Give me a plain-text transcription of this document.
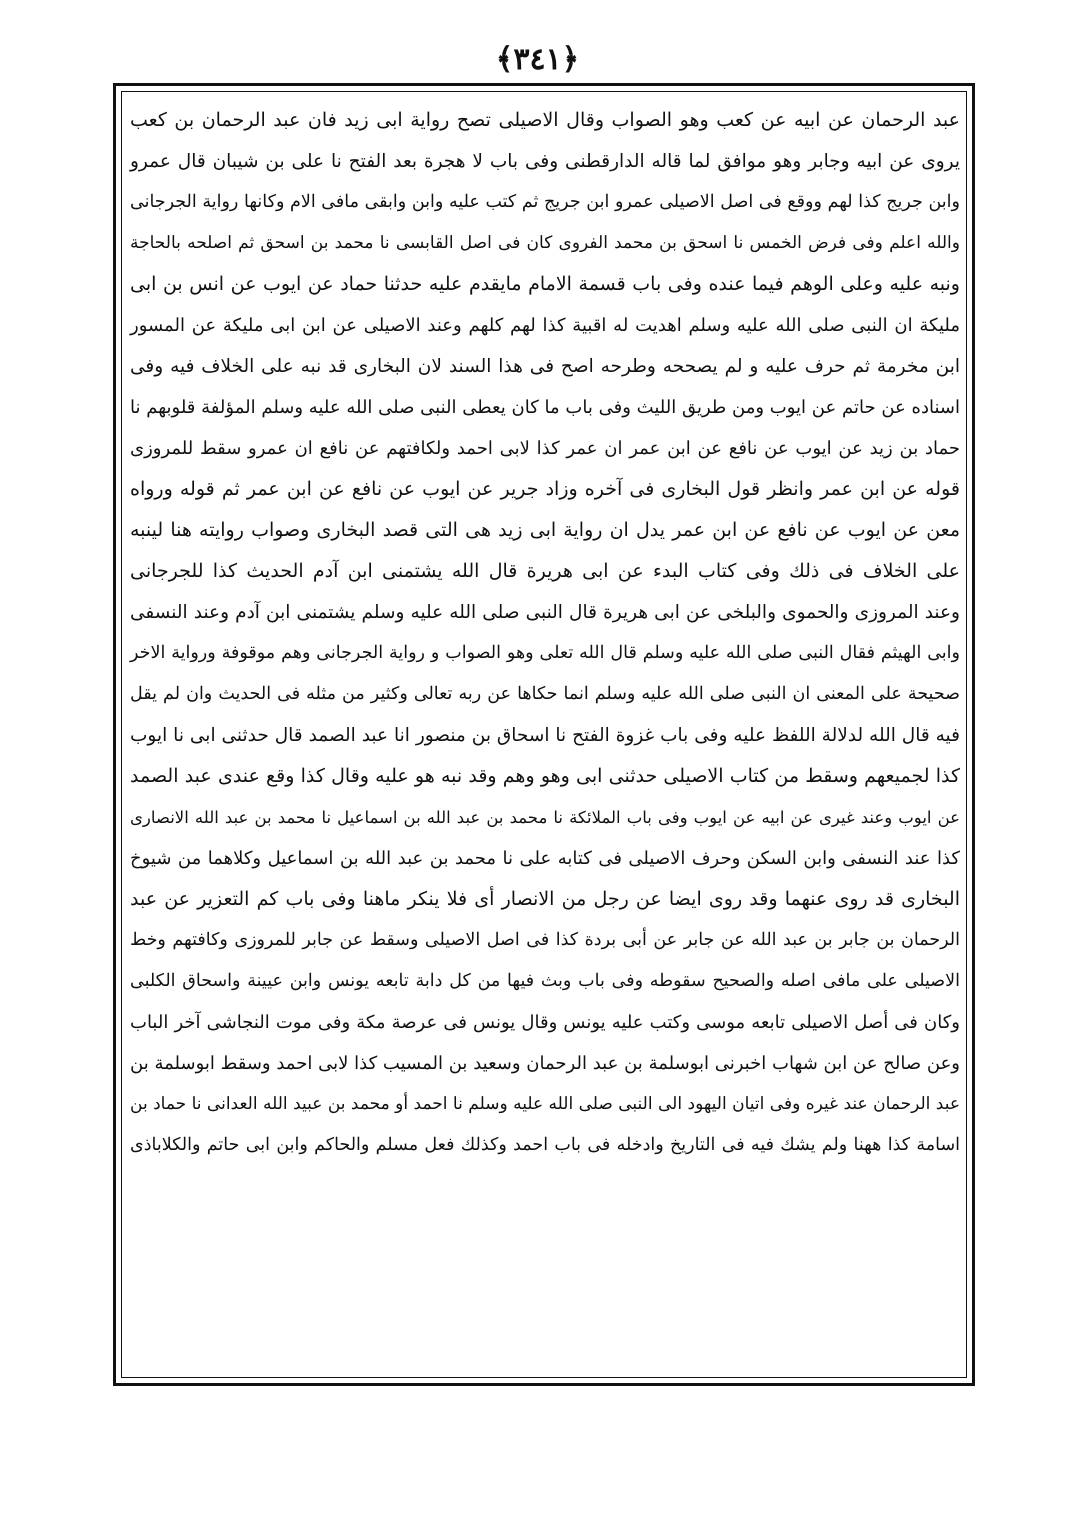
﴿٣٤١﴾
عبد الرحمان عن ابيه عن كعب وهو الصواب وقال الاصيلى تصح رواية ابى زيد فان عبد الرحمان بن كعب
يروى عن ابيه وجابر وهو موافق لما قاله الدارقطنى وفى باب لا هجرة بعد الفتح نا على بن شيبان قال عمرو
وابن جريج كذا لهم ووقع فى اصل الاصيلى عمرو ابن جريج ثم كتب عليه وابن وابقى مافى الام وكانها رواية الجرجانى
والله اعلم وفى فرض الخمس نا اسحق بن محمد الفروى كان فى اصل القابسى نا محمد بن اسحق ثم اصلحه بالحاجة
ونبه عليه وعلى الوهم فيما عنده وفى باب قسمة الامام مايقدم عليه حدثنا حماد عن ايوب عن انس بن ابى
مليكة ان النبى صلى الله عليه وسلم اهديت له اقبية كذا لهم كلهم وعند الاصيلى عن ابن ابى مليكة عن المسور
ابن مخرمة ثم حرف عليه و لم يصححه وطرحه اصح فى هذا السند لان البخارى قد نبه على الخلاف فيه وفى
اسناده عن حاتم عن ايوب ومن طريق الليث وفى باب ما كان يعطى النبى صلى الله عليه وسلم المؤلفة قلوبهم نا
حماد بن زيد عن ايوب عن نافع عن ابن عمر ان عمر كذا لابى احمد ولكافتهم عن نافع ان عمرو سقط للمروزى
قوله عن ابن عمر وانظر قول البخارى فى آخره وزاد جرير عن ايوب عن نافع عن ابن عمر ثم قوله ورواه
معن عن ايوب عن نافع عن ابن عمر يدل ان رواية ابى زيد هى التى قصد البخارى وصواب روايته هنا لينبه
على الخلاف فى ذلك وفى كتاب البدء عن ابى هريرة قال الله يشتمنى ابن آدم الحديث كذا للجرجانى
وعند المروزى والحموى والبلخى عن ابى هريرة قال النبى صلى الله عليه وسلم يشتمنى ابن آدم وعند النسفى
وابى الهيثم فقال النبى صلى الله عليه وسلم قال الله تعلى وهو الصواب و رواية الجرجانى وهم موقوفة ورواية الاخر
صحيحة على المعنى ان النبى صلى الله عليه وسلم انما حكاها عن ربه تعالى وكثير من مثله فى الحديث وان لم يقل
فيه قال الله لدلالة اللفظ عليه وفى باب غزوة الفتح نا اسحاق بن منصور انا عبد الصمد قال حدثنى ابى نا ايوب
كذا لجميعهم وسقط من كتاب الاصيلى حدثنى ابى وهو وهم وقد نبه هو عليه وقال كذا وقع عندى عبد الصمد
عن ايوب وعند غيرى عن ابيه عن ايوب وفى باب الملائكة نا محمد بن عبد الله بن اسماعيل نا محمد بن عبد الله الانصارى
كذا عند النسفى وابن السكن وحرف الاصيلى فى كتابه على نا محمد بن عبد الله بن اسماعيل وكلاهما من شيوخ
البخارى قد روى عنهما وقد روى ايضا عن رجل من الانصار أى فلا ينكر ماهنا وفى باب كم التعزير عن عبد
الرحمان بن جابر بن عبد الله عن جابر عن أبى بردة كذا فى اصل الاصيلى وسقط عن جابر للمروزى وكافتهم وخط
الاصيلى على مافى اصله والصحيح سقوطه وفى باب وبث فيها من كل دابة تابعه يونس وابن عيينة واسحاق الكلبى
وكان فى أصل الاصيلى تابعه موسى وكتب عليه يونس وقال يونس فى عرصة مكة وفى موت النجاشى آخر الباب
وعن صالح عن ابن شهاب اخبرنى ابوسلمة بن عبد الرحمان وسعيد بن المسيب كذا لابى احمد وسقط ابوسلمة بن
عبد الرحمان عند غيره وفى اتيان اليهود الى النبى صلى الله عليه وسلم نا احمد أو محمد بن عبيد الله العدانى نا حماد بن
اسامة كذا ههنا ولم يشك فيه فى التاريخ وادخله فى باب احمد وكذلك فعل مسلم والحاكم وابن ابى حاتم والكلاباذى
